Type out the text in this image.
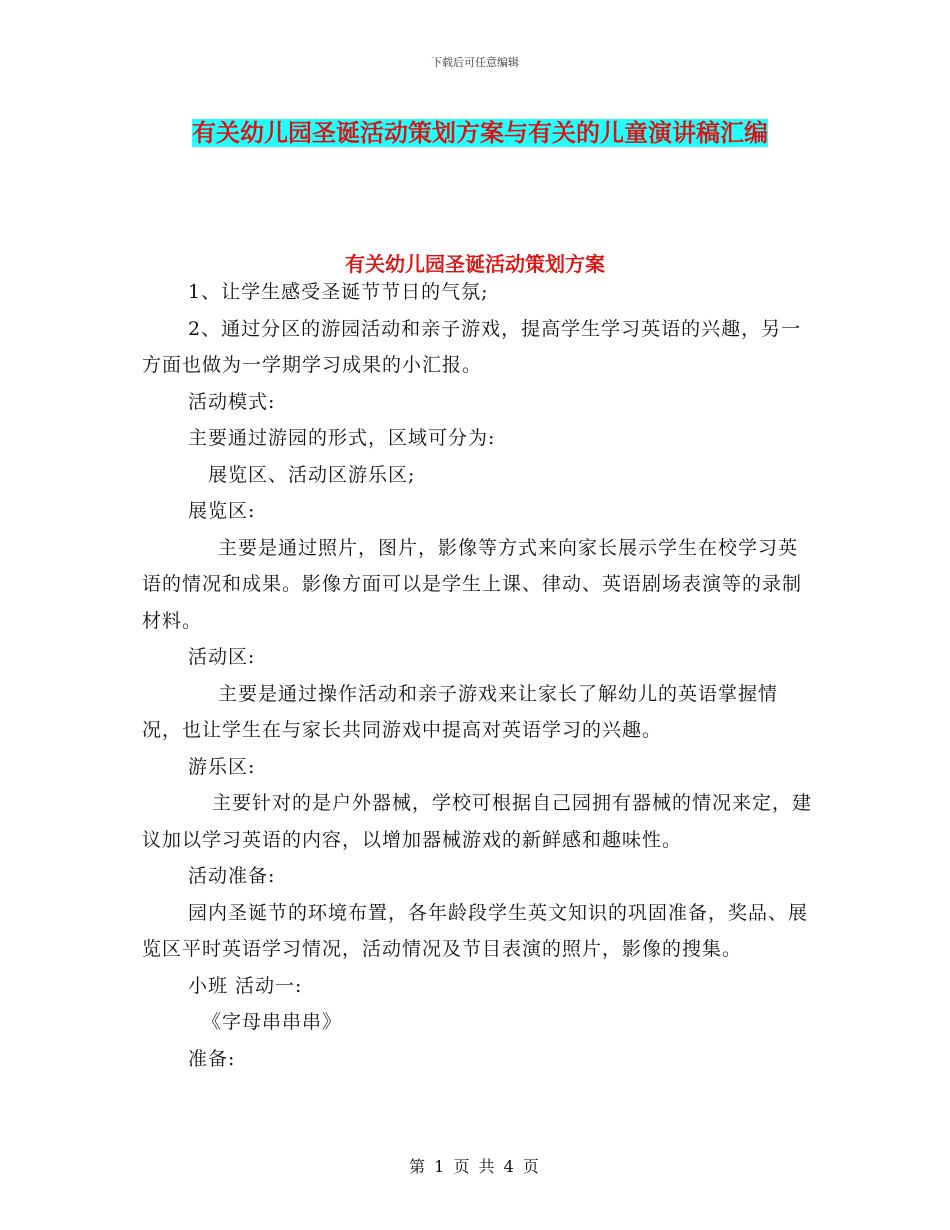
下载后可任意编辑
有关幼儿园圣诞活动策划方案与有关的儿童演讲稿汇编
有关幼儿园圣诞活动策划方案

1、让学生感受圣诞节节日的气氛;

2、通过分区的游园活动和亲子游戏，提高学生学习英语的兴趣，另一方面也做为一学期学习成果的小汇报。

活动模式:

主要通过游园的形式，区域可分为:

展览区、活动区游乐区;

展览区:

主要是通过照片，图片，影像等方式来向家长展示学生在校学习英语的情况和成果。影像方面可以是学生上课、律动、英语剧场表演等的录制材料。

活动区:

主要是通过操作活动和亲子游戏来让家长了解幼儿的英语掌握情况，也让学生在与家长共同游戏中提高对英语学习的兴趣。

游乐区:

主要针对的是户外器械，学校可根据自己园拥有器械的情况来定，建议加以学习英语的内容，以增加器械游戏的新鲜感和趣味性。

活动准备:

园内圣诞节的环境布置，各年龄段学生英文知识的巩固准备，奖品、展览区平时英语学习情况，活动情况及节目表演的照片，影像的搜集。

小班 活动一:

《字母串串串》

准备:

第 1 页 共 4 页
